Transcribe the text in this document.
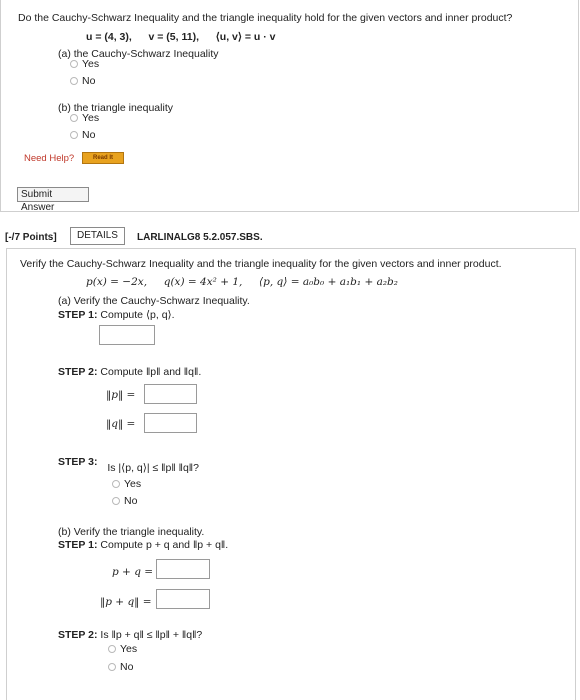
Do the Cauchy-Schwarz Inequality and the triangle inequality hold for the given vectors and inner product?
u = (4, 3), v = (5, 11), ⟨u, v⟩ = u · v
(a) the Cauchy-Schwarz Inequality
Yes
No
(b) the triangle inequality
Yes
No
Need Help?	Read It
Submit Answer
[-/7 Points]	DETAILS	LARLINALG8 5.2.057.SBS.
Verify the Cauchy-Schwarz Inequality and the triangle inequality for the given vectors and inner product.
p(x) = −2x, q(x) = 4x² + 1, ⟨p, q⟩ = a₀b₀ + a₁b₁ + a₂b₂
(a) Verify the Cauchy-Schwarz Inequality.
STEP 1: Compute ⟨p, q⟩.
STEP 2: Compute ‖p‖ and ‖q‖.
‖p‖ =
‖q‖ =
STEP 3: Is |⟨p, q⟩| ≤ ‖p‖ ‖q‖?
Yes
No
(b) Verify the triangle inequality.
STEP 1: Compute p + q and ‖p + q‖.
p + q =
‖p + q‖ =
STEP 2: Is ‖p + q‖ ≤ ‖p‖ + ‖q‖?
Yes
No
